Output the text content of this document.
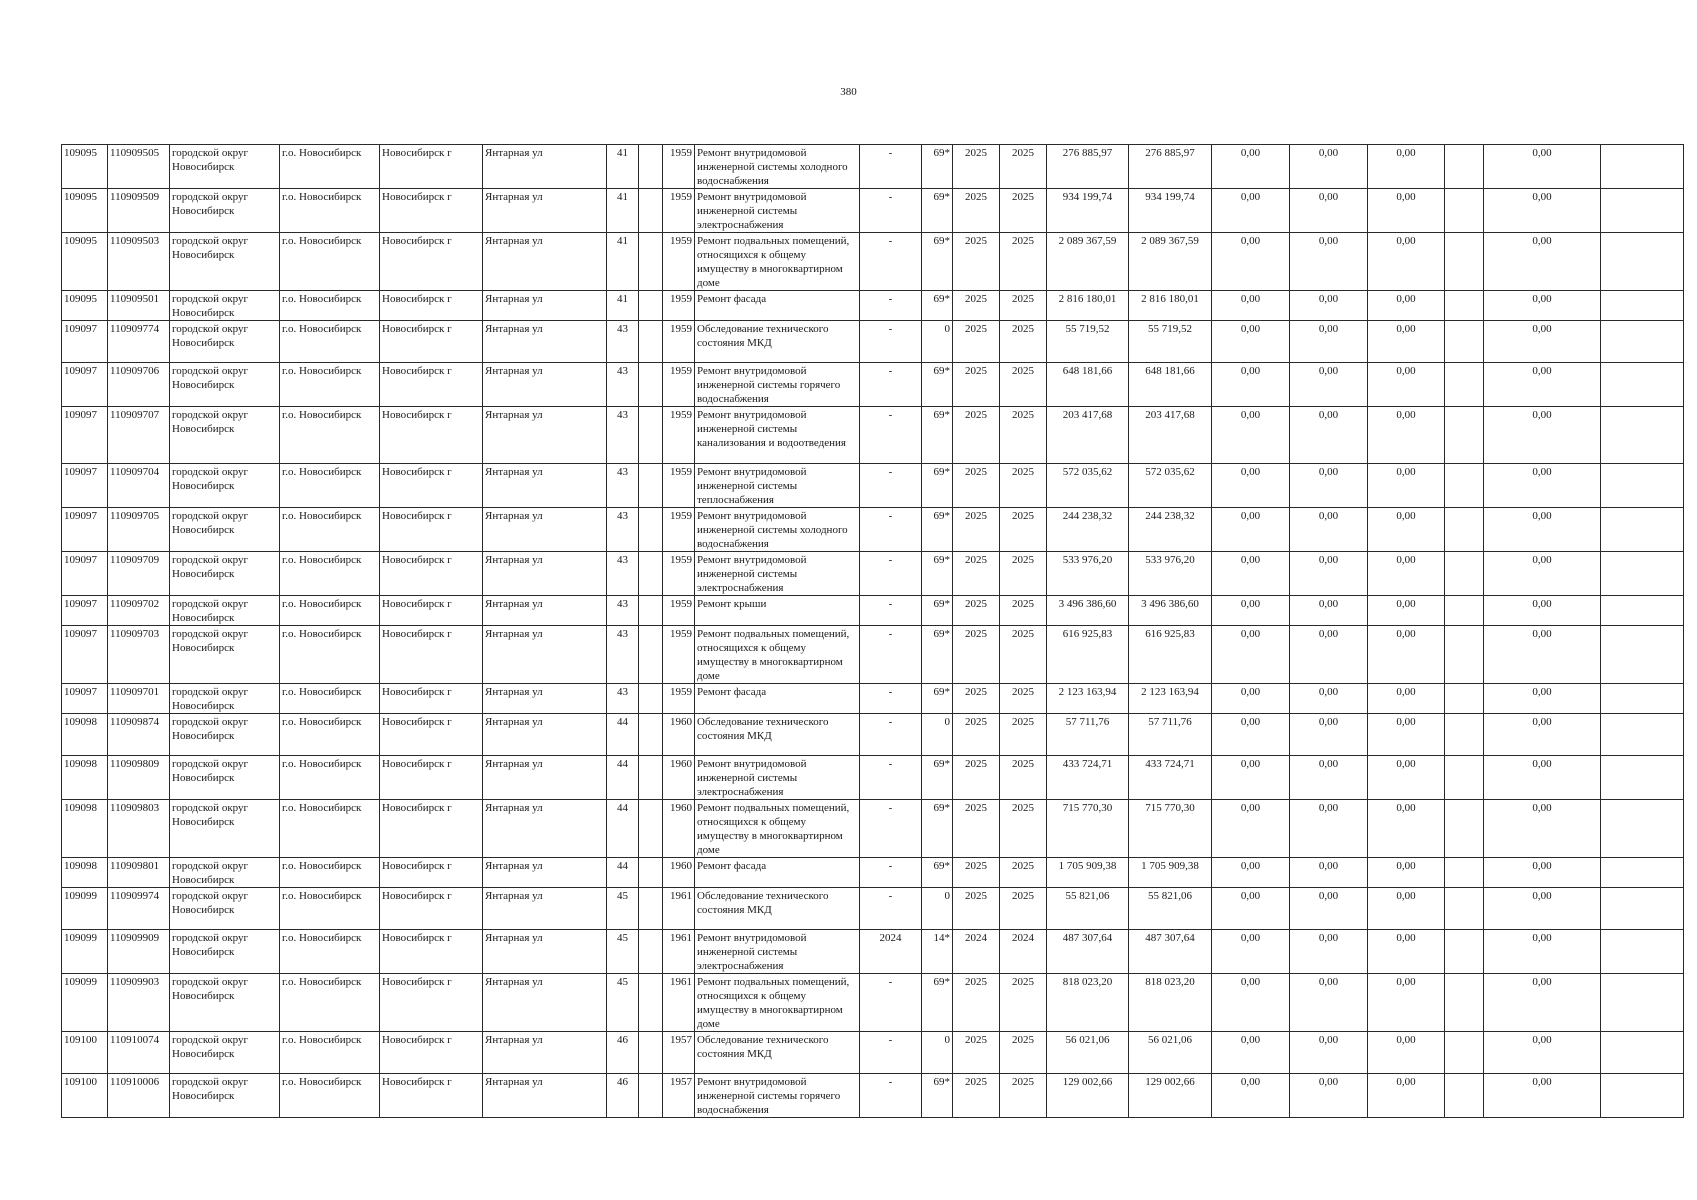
380
109095	110909505	городской округ Новосибирск	г.о. Новосибирск	Новосибирск г	Янтарная ул	41		1959	Ремонт внутридомовой инженерной системы холодного водоснабжения	-	69*	2025	2025	276 885,97	276 885,97	0,00	0,00	0,00		0,00	
109095	110909509	городской округ Новосибирск	г.о. Новосибирск	Новосибирск г	Янтарная ул	41		1959	Ремонт внутридомовой инженерной системы электроснабжения	-	69*	2025	2025	934 199,74	934 199,74	0,00	0,00	0,00		0,00	
109095	110909503	городской округ Новосибирск	г.о. Новосибирск	Новосибирск г	Янтарная ул	41		1959	Ремонт подвальных помещений, относящихся к общему имуществу в многоквартирном доме	-	69*	2025	2025	2 089 367,59	2 089 367,59	0,00	0,00	0,00		0,00	
109095	110909501	городской округ Новосибирск	г.о. Новосибирск	Новосибирск г	Янтарная ул	41		1959	Ремонт фасада	-	69*	2025	2025	2 816 180,01	2 816 180,01	0,00	0,00	0,00		0,00	
109097	110909774	городской округ Новосибирск	г.о. Новосибирск	Новосибирск г	Янтарная ул	43		1959	Обследование технического состояния МКД	-	0	2025	2025	55 719,52	55 719,52	0,00	0,00	0,00		0,00	
109097	110909706	городской округ Новосибирск	г.о. Новосибирск	Новосибирск г	Янтарная ул	43		1959	Ремонт внутридомовой инженерной системы горячего водоснабжения	-	69*	2025	2025	648 181,66	648 181,66	0,00	0,00	0,00		0,00	
109097	110909707	городской округ Новосибирск	г.о. Новосибирск	Новосибирск г	Янтарная ул	43		1959	Ремонт внутридомовой инженерной системы канализования и водоотведения	-	69*	2025	2025	203 417,68	203 417,68	0,00	0,00	0,00		0,00	
109097	110909704	городской округ Новосибирск	г.о. Новосибирск	Новосибирск г	Янтарная ул	43		1959	Ремонт внутридомовой инженерной системы теплоснабжения	-	69*	2025	2025	572 035,62	572 035,62	0,00	0,00	0,00		0,00	
109097	110909705	городской округ Новосибирск	г.о. Новосибирск	Новосибирск г	Янтарная ул	43		1959	Ремонт внутридомовой инженерной системы холодного водоснабжения	-	69*	2025	2025	244 238,32	244 238,32	0,00	0,00	0,00		0,00	
109097	110909709	городской округ Новосибирск	г.о. Новосибирск	Новосибирск г	Янтарная ул	43		1959	Ремонт внутридомовой инженерной системы электроснабжения	-	69*	2025	2025	533 976,20	533 976,20	0,00	0,00	0,00		0,00	
109097	110909702	городской округ Новосибирск	г.о. Новосибирск	Новосибирск г	Янтарная ул	43		1959	Ремонт крыши	-	69*	2025	2025	3 496 386,60	3 496 386,60	0,00	0,00	0,00		0,00	
109097	110909703	городской округ Новосибирск	г.о. Новосибирск	Новосибирск г	Янтарная ул	43		1959	Ремонт подвальных помещений, относящихся к общему имуществу в многоквартирном доме	-	69*	2025	2025	616 925,83	616 925,83	0,00	0,00	0,00		0,00	
109097	110909701	городской округ Новосибирск	г.о. Новосибирск	Новосибирск г	Янтарная ул	43		1959	Ремонт фасада	-	69*	2025	2025	2 123 163,94	2 123 163,94	0,00	0,00	0,00		0,00	
109098	110909874	городской округ Новосибирск	г.о. Новосибирск	Новосибирск г	Янтарная ул	44		1960	Обследование технического состояния МКД	-	0	2025	2025	57 711,76	57 711,76	0,00	0,00	0,00		0,00	
109098	110909809	городской округ Новосибирск	г.о. Новосибирск	Новосибирск г	Янтарная ул	44		1960	Ремонт внутридомовой инженерной системы электроснабжения	-	69*	2025	2025	433 724,71	433 724,71	0,00	0,00	0,00		0,00	
109098	110909803	городской округ Новосибирск	г.о. Новосибирск	Новосибирск г	Янтарная ул	44		1960	Ремонт подвальных помещений, относящихся к общему имуществу в многоквартирном доме	-	69*	2025	2025	715 770,30	715 770,30	0,00	0,00	0,00		0,00	
109098	110909801	городской округ Новосибирск	г.о. Новосибирск	Новосибирск г	Янтарная ул	44		1960	Ремонт фасада	-	69*	2025	2025	1 705 909,38	1 705 909,38	0,00	0,00	0,00		0,00	
109099	110909974	городской округ Новосибирск	г.о. Новосибирск	Новосибирск г	Янтарная ул	45		1961	Обследование технического состояния МКД	-	0	2025	2025	55 821,06	55 821,06	0,00	0,00	0,00		0,00	
109099	110909909	городской округ Новосибирск	г.о. Новосибирск	Новосибирск г	Янтарная ул	45		1961	Ремонт внутридомовой инженерной системы электроснабжения	2024	14*	2024	2024	487 307,64	487 307,64	0,00	0,00	0,00		0,00	
109099	110909903	городской округ Новосибирск	г.о. Новосибирск	Новосибирск г	Янтарная ул	45		1961	Ремонт подвальных помещений, относящихся к общему имуществу в многоквартирном доме	-	69*	2025	2025	818 023,20	818 023,20	0,00	0,00	0,00		0,00	
109100	110910074	городской округ Новосибирск	г.о. Новосибирск	Новосибирск г	Янтарная ул	46		1957	Обследование технического состояния МКД	-	0	2025	2025	56 021,06	56 021,06	0,00	0,00	0,00		0,00	
109100	110910006	городской округ Новосибирск	г.о. Новосибирск	Новосибирск г	Янтарная ул	46		1957	Ремонт внутридомовой инженерной системы горячего водоснабжения	-	69*	2025	2025	129 002,66	129 002,66	0,00	0,00	0,00		0,00	
